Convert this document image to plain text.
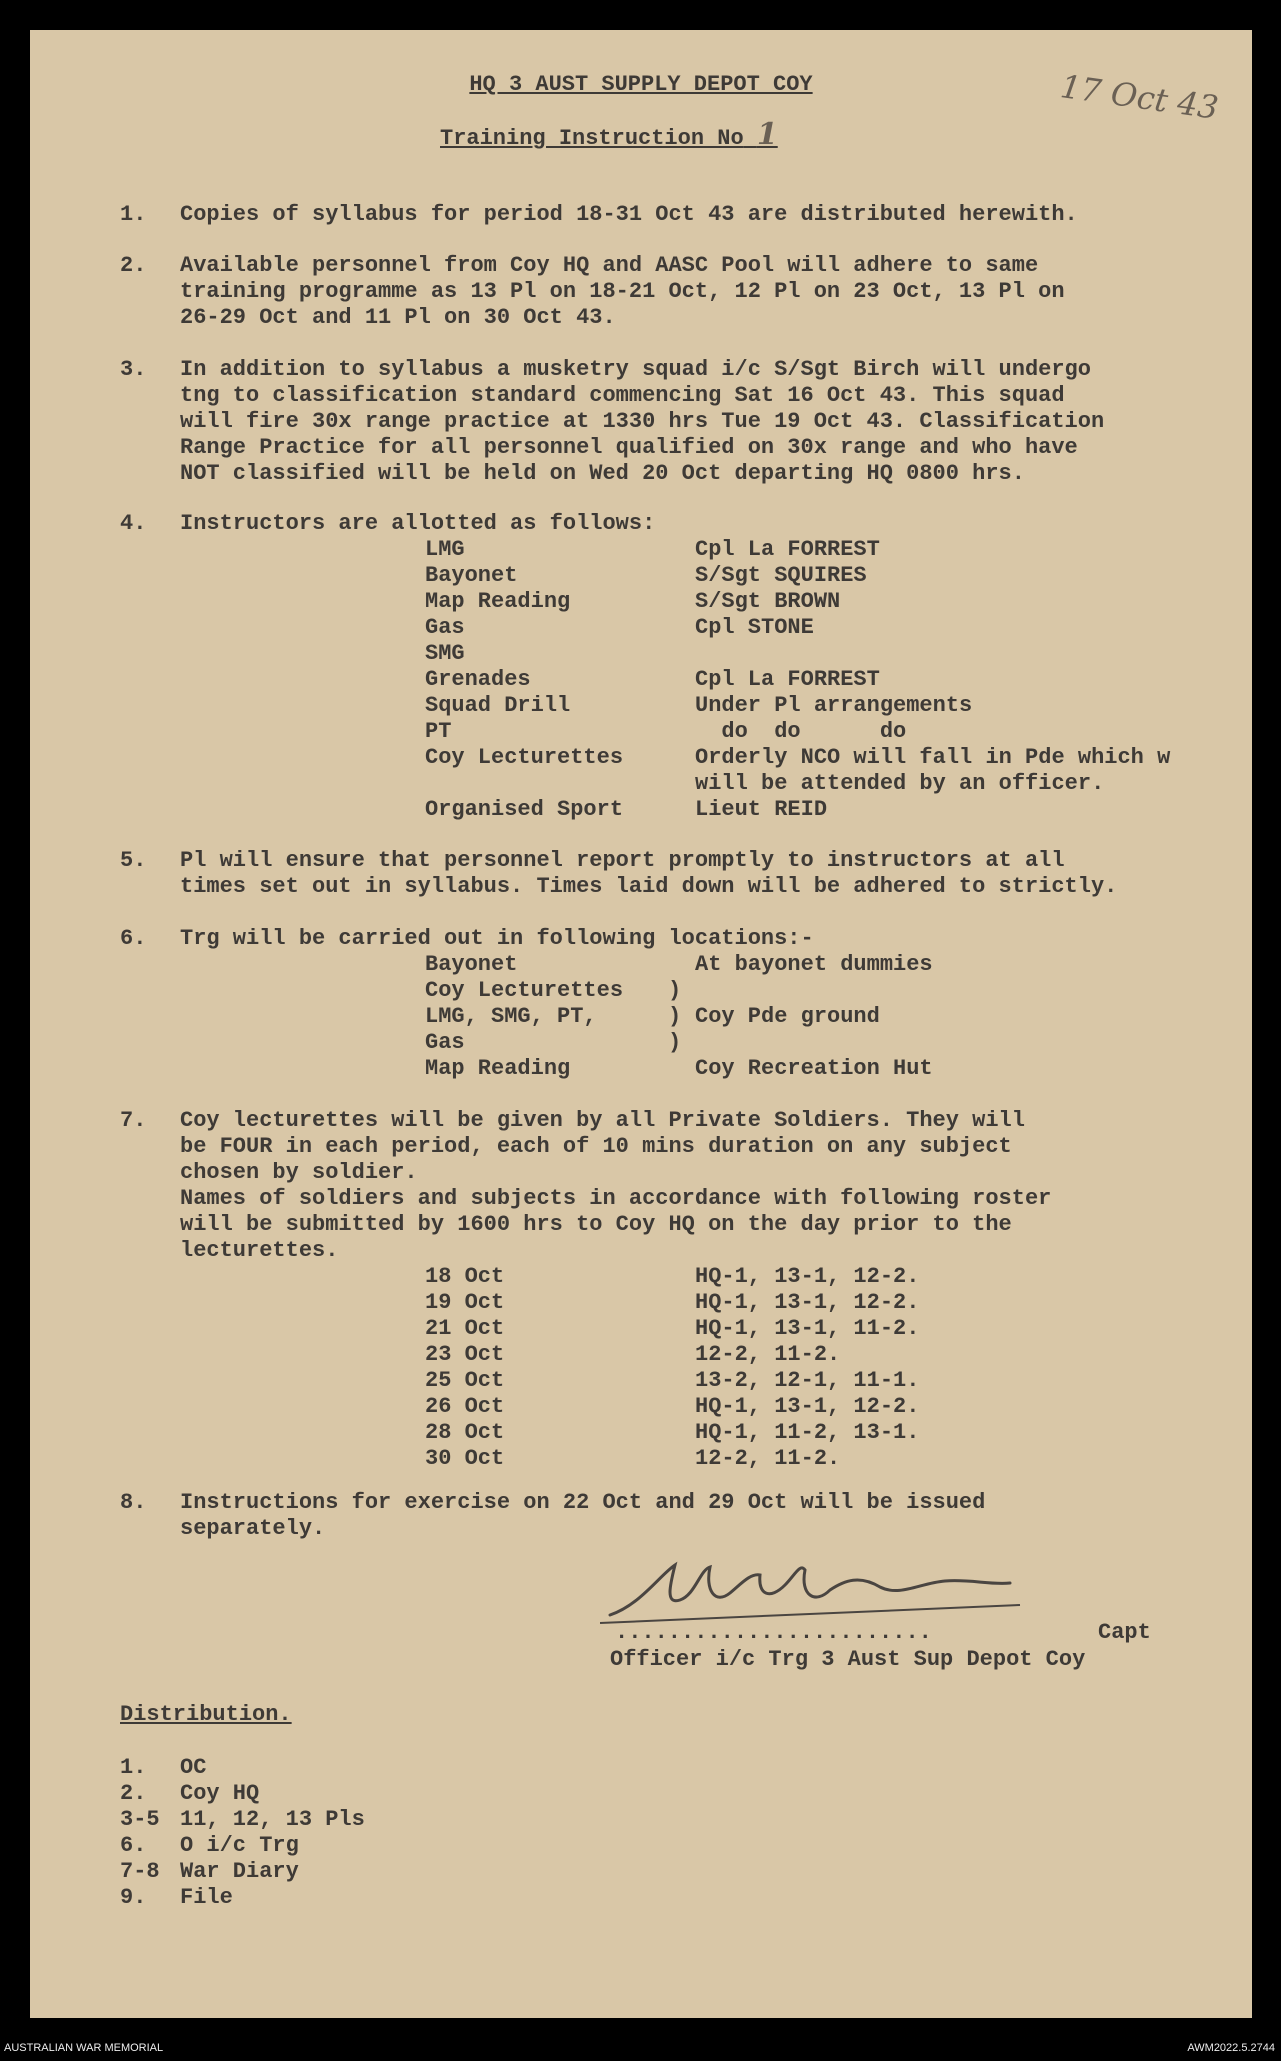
HQ 3 AUST SUPPLY DEPOT COY
Training Instruction No 1
17 Oct 43
1. Copies of syllabus for period 18-31 Oct 43 are distributed herewith.
2. Available personnel from Coy HQ and AASC Pool will adhere to same
training programme as 13 Pl on 18-21 Oct, 12 Pl on 23 Oct, 13 Pl on
26-29 Oct and 11 Pl on 30 Oct 43.
3. In addition to syllabus a musketry squad i/c S/Sgt Birch will undergo
tng to classification standard commencing Sat 16 Oct 43. This squad
will fire 30x range practice at 1330 hrs Tue 19 Oct 43. Classification
Range Practice for all personnel qualified on 30x range and who have
NOT classified will be held on Wed 20 Oct departing HQ 0800 hrs.
4. Instructors are allotted as follows:
LMG	Cpl La FORREST
Bayonet	S/Sgt SQUIRES
Map Reading	S/Sgt BROWN
Gas	Cpl STONE
SMG
Grenades	Cpl La FORREST
Squad Drill	Under Pl arrangements
PT	do  do      do
Coy Lecturettes	Orderly NCO will fall in Pde which w
will be attended by an officer.
Organised Sport	Lieut REID
5. Pl will ensure that personnel report promptly to instructors at all
times set out in syllabus. Times laid down will be adhered to strictly.
6. Trg will be carried out in following locations:-
Bayonet	At bayonet dummies
Coy Lecturettes )
LMG, SMG, PT,	) Coy Pde ground
Gas	)
Map Reading	Coy Recreation Hut
7. Coy lecturettes will be given by all Private Soldiers. They will
be FOUR in each period, each of 10 mins duration on any subject
chosen by soldier.
Names of soldiers and subjects in accordance with following roster
will be submitted by 1600 hrs to Coy HQ on the day prior to the
lecturettes.
18 Oct	HQ-1, 13-1, 12-2.
19 Oct	HQ-1, 13-1, 12-2.
21 Oct	HQ-1, 13-1, 11-2.
23 Oct	12-2, 11-2.
25 Oct	13-2, 12-1, 11-1.
26 Oct	HQ-1, 13-1, 12-2.
28 Oct	HQ-1, 11-2, 13-1.
30 Oct	12-2, 11-2.
8. Instructions for exercise on 22 Oct and 29 Oct will be issued
separately.
........................	Capt
Officer i/c Trg 3 Aust Sup Depot Coy
Distribution.
1. OC
2. Coy HQ
3-5 11, 12, 13 Pls
6. O i/c Trg
7-8 War Diary
9. File
AUSTRALIAN WAR MEMORIAL	AWM2022.5.2744
